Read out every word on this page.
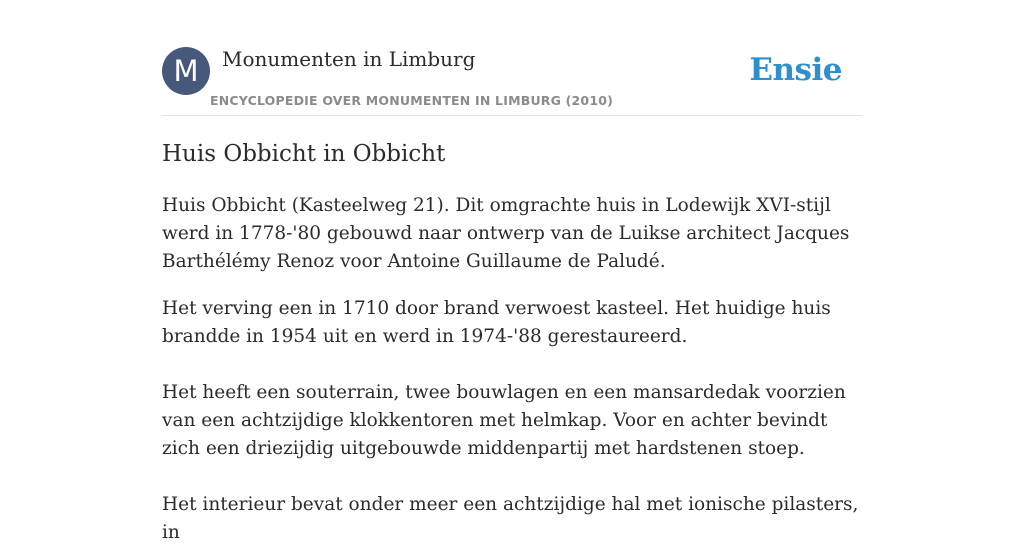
M	Monumenten in Limburg
ENCYCLOPEDIE OVER MONUMENTEN IN LIMBURG (2010)
Ensie
Huis Obbicht in Obbicht

Huis Obbicht (Kasteelweg 21). Dit omgrachte huis in Lodewijk XVI-stijl werd in 1778-'80 gebouwd naar ontwerp van de Luikse architect Jacques Barthélémy Renoz voor Antoine Guillaume de Paludé.

Het verving een in 1710 door brand verwoest kasteel. Het huidige huis brandde in 1954 uit en werd in 1974-'88 gerestaureerd.

Het heeft een souterrain, twee bouwlagen en een mansardedak voorzien van een achtzijdige klokkentoren met helmkap. Voor en achter bevindt zich een driezijdig uitgebouwde middenpartij met hardstenen stoep.

Het interieur bevat onder meer een achtzijdige hal met ionische pilasters, in
